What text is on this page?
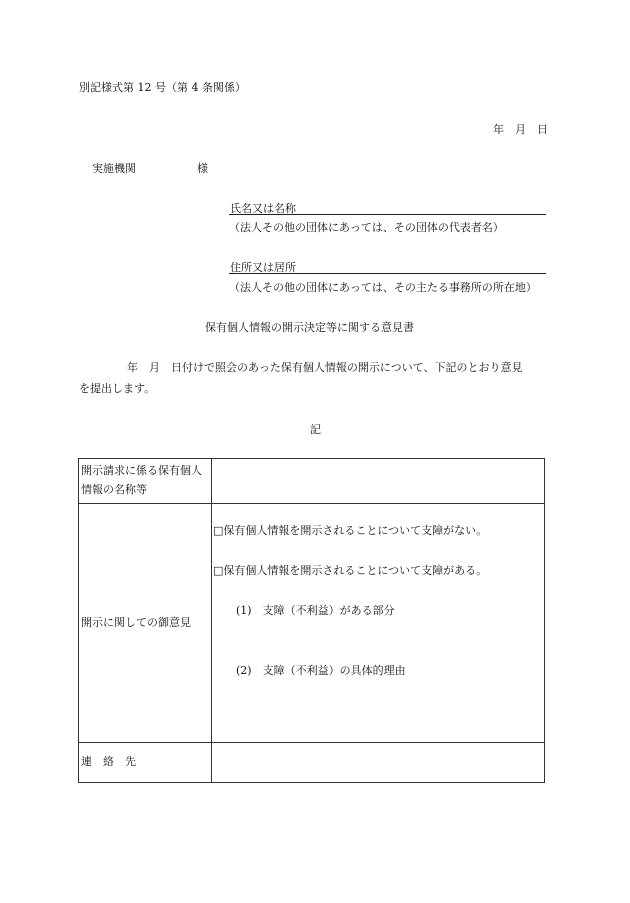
別記様式第 12 号（第 4 条関係）
年　月　日
実施機関	様
氏名又は名称
（法人その他の団体にあっては、その団体の代表者名）
住所又は居所
（法人その他の団体にあっては、その主たる事務所の所在地）
保有個人情報の開示決定等に関する意見書
年　月　日付けで照会のあった保有個人情報の開示について、下記のとおり意見
を提出します。
記
開示請求に係る保有個人
情報の名称等	

開示に関しての御意見	□保有個人情報を開示されることについて支障がない。
□保有個人情報を開示されることについて支障がある。
(1)　支障（不利益）がある部分
(2)　支障（不利益）の具体的理由

連　絡　先	
